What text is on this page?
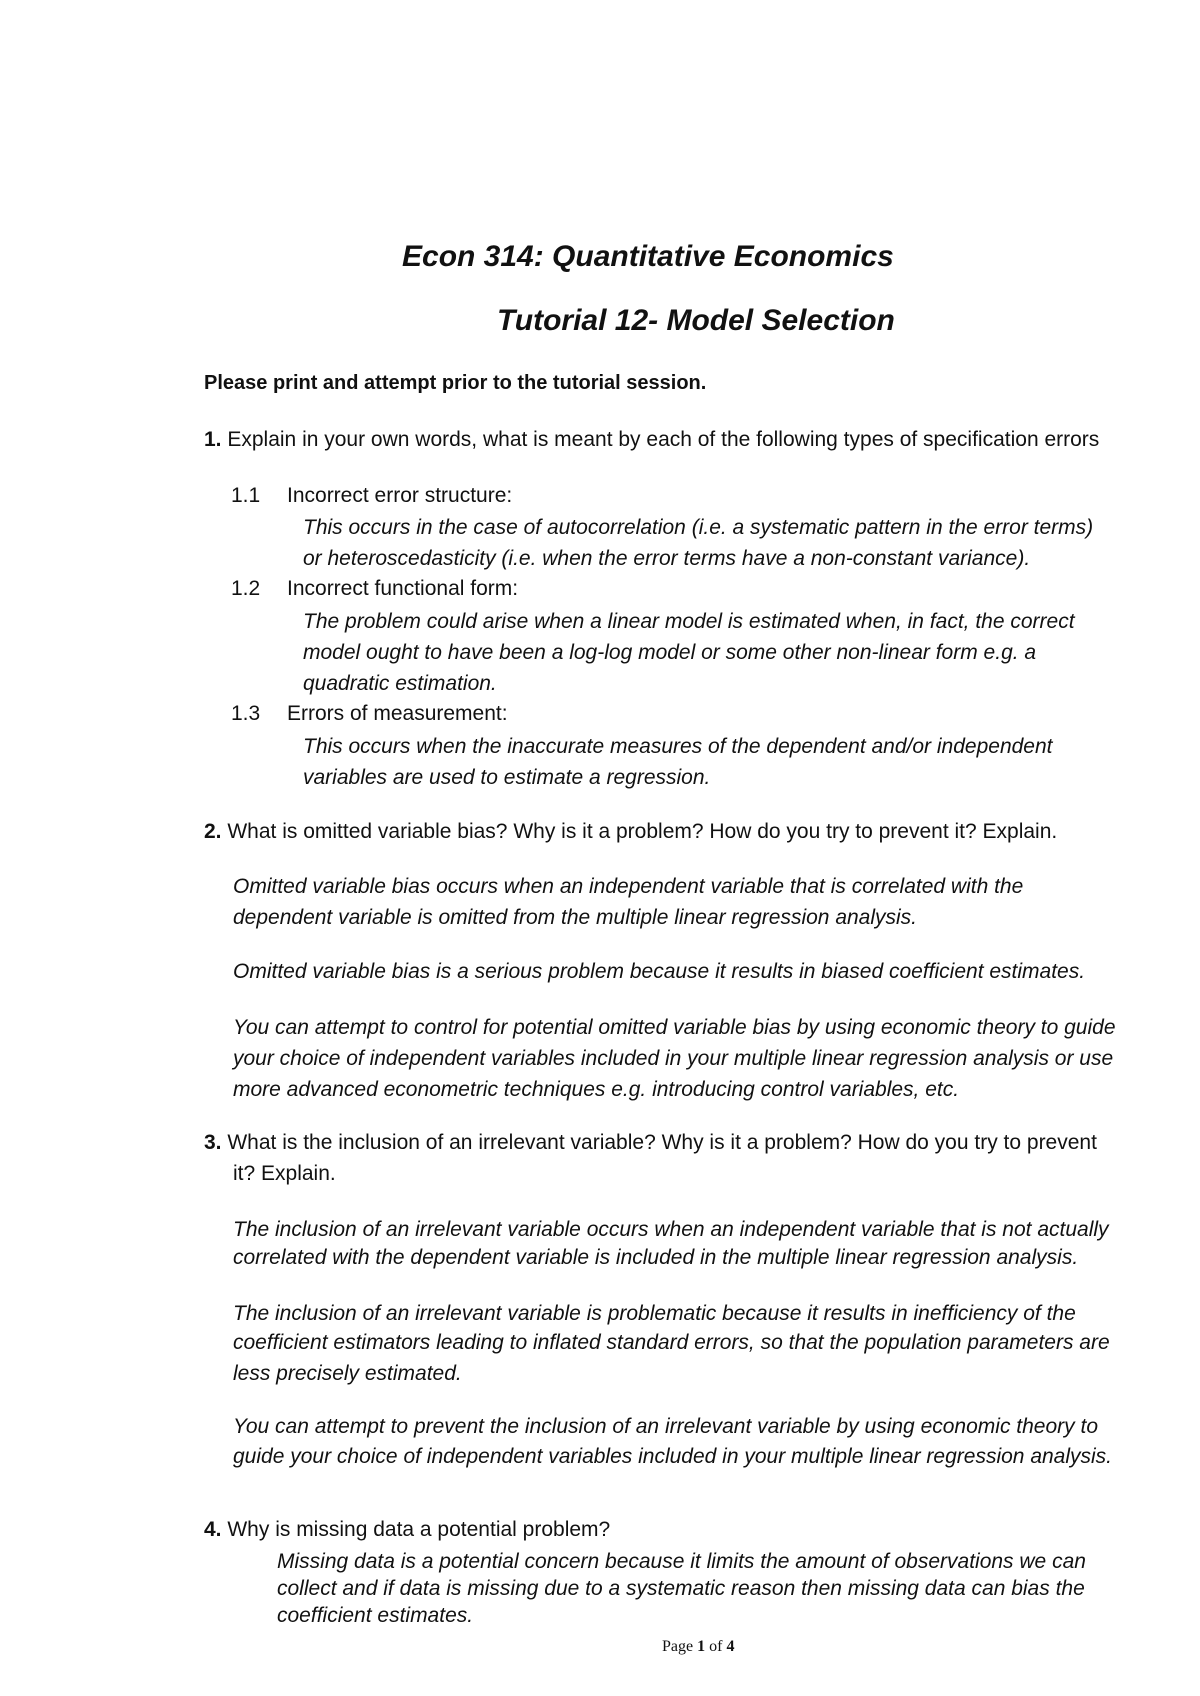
Econ 314: Quantitative Economics
Tutorial 12- Model Selection
Please print and attempt prior to the tutorial session.
1. Explain in your own words, what is meant by each of the following types of specification errors
1.1 Incorrect error structure:
This occurs in the case of autocorrelation (i.e. a systematic pattern in the error terms)
or heteroscedasticity (i.e. when the error terms have a non-constant variance).
1.2 Incorrect functional form:
The problem could arise when a linear model is estimated when, in fact, the correct
model ought to have been a log-log model or some other non-linear form e.g. a
quadratic estimation.
1.3 Errors of measurement:
This occurs when the inaccurate measures of the dependent and/or independent
variables are used to estimate a regression.
2. What is omitted variable bias? Why is it a problem? How do you try to prevent it? Explain.
Omitted variable bias occurs when an independent variable that is correlated with the
dependent variable is omitted from the multiple linear regression analysis.
Omitted variable bias is a serious problem because it results in biased coefficient estimates.
You can attempt to control for potential omitted variable bias by using economic theory to guide
your choice of independent variables included in your multiple linear regression analysis or use
more advanced econometric techniques e.g. introducing control variables, etc.
3. What is the inclusion of an irrelevant variable? Why is it a problem? How do you try to prevent
it? Explain.
The inclusion of an irrelevant variable occurs when an independent variable that is not actually
correlated with the dependent variable is included in the multiple linear regression analysis.
The inclusion of an irrelevant variable is problematic because it results in inefficiency of the
coefficient estimators leading to inflated standard errors, so that the population parameters are
less precisely estimated.
You can attempt to prevent the inclusion of an irrelevant variable by using economic theory to
guide your choice of independent variables included in your multiple linear regression analysis.
4. Why is missing data a potential problem?
Missing data is a potential concern because it limits the amount of observations we can
collect and if data is missing due to a systematic reason then missing data can bias the
coefficient estimates.
Page 1 of 4
